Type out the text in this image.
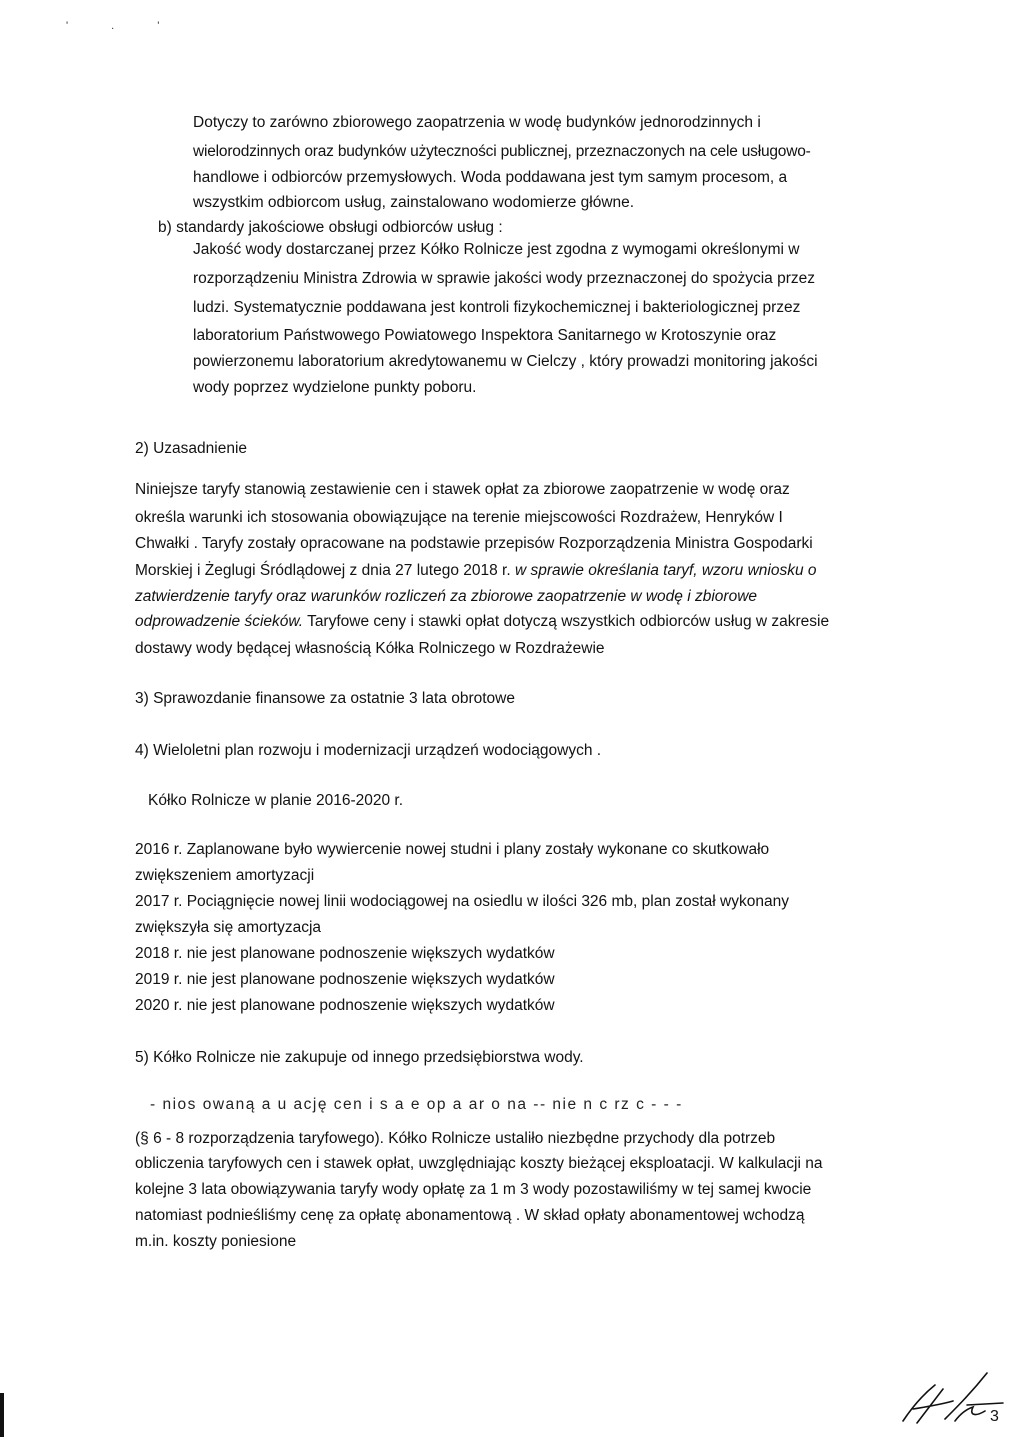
' . '
Dotyczy to zarówno zbiorowego zaopatrzenia w wodę budynków jednorodzinnych i
wielorodzinnych oraz budynków użyteczności publicznej, przeznaczonych na cele usługowo-
handlowe i odbiorców przemysłowych. Woda poddawana jest tym samym procesom, a
wszystkim odbiorcom usług, zainstalowano wodomierze główne.
b) standardy jakościowe obsługi odbiorców usług :
Jakość wody dostarczanej przez Kółko Rolnicze jest zgodna z wymogami określonymi w
rozporządzeniu Ministra Zdrowia w sprawie jakości wody przeznaczonej do spożycia przez
ludzi. Systematycznie poddawana jest kontroli fizykochemicznej i bakteriologicznej przez
laboratorium Państwowego Powiatowego Inspektora Sanitarnego w Krotoszynie oraz
powierzonemu laboratorium akredytowanemu w Cielczy , który prowadzi monitoring jakości
wody poprzez wydzielone punkty poboru.
2) Uzasadnienie
Niniejsze taryfy stanowią zestawienie cen i stawek opłat za zbiorowe zaopatrzenie w wodę oraz
określa warunki ich stosowania obowiązujące na terenie miejscowości Rozdrażew, Henryków I
Chwałki . Taryfy zostały opracowane na podstawie przepisów Rozporządzenia Ministra Gospodarki
Morskiej i Żeglugi Śródlądowej z dnia 27 lutego 2018 r. w sprawie określania taryf, wzoru wniosku o
zatwierdzenie taryfy oraz warunków rozliczeń za zbiorowe zaopatrzenie w wodę i zbiorowe
odprowadzenie ścieków. Taryfowe ceny i stawki opłat dotyczą wszystkich odbiorców usług w zakresie
dostawy wody będącej własnością Kółka Rolniczego w Rozdrażewie
3) Sprawozdanie finansowe za ostatnie 3 lata obrotowe
4) Wieloletni plan rozwoju i modernizacji urządzeń wodociągowych .
Kółko Rolnicze w planie 2016-2020 r.
2016 r. Zaplanowane było wywiercenie nowej studni i plany zostały wykonane co skutkowało
zwiększeniem amortyzacji
2017 r. Pociągnięcie nowej linii wodociągowej na osiedlu w ilości 326 mb, plan został wykonany
zwiększyła się amortyzacja
2018 r. nie jest planowane podnoszenie większych wydatków
2019 r. nie jest planowane podnoszenie większych wydatków
2020 r. nie jest planowane podnoszenie większych wydatków
5) Kółko Rolnicze nie zakupuje od innego przedsiębiorstwa wody.
- nios owaną a u ację cen i s a e op a ar o na -- nie n c rz c - - -
(§ 6 - 8 rozporządzenia taryfowego). Kółko Rolnicze ustaliło niezbędne przychody dla potrzeb
obliczenia taryfowych cen i stawek opłat, uwzględniając koszty bieżącej eksploatacji. W kalkulacji na
kolejne 3 lata obowiązywania taryfy wody opłatę za 1 m 3 wody pozostawiliśmy w tej samej kwocie
natomiast podnieśliśmy cenę za opłatę abonamentową . W skład opłaty abonamentowej wchodzą
m.in. koszty poniesione
3
